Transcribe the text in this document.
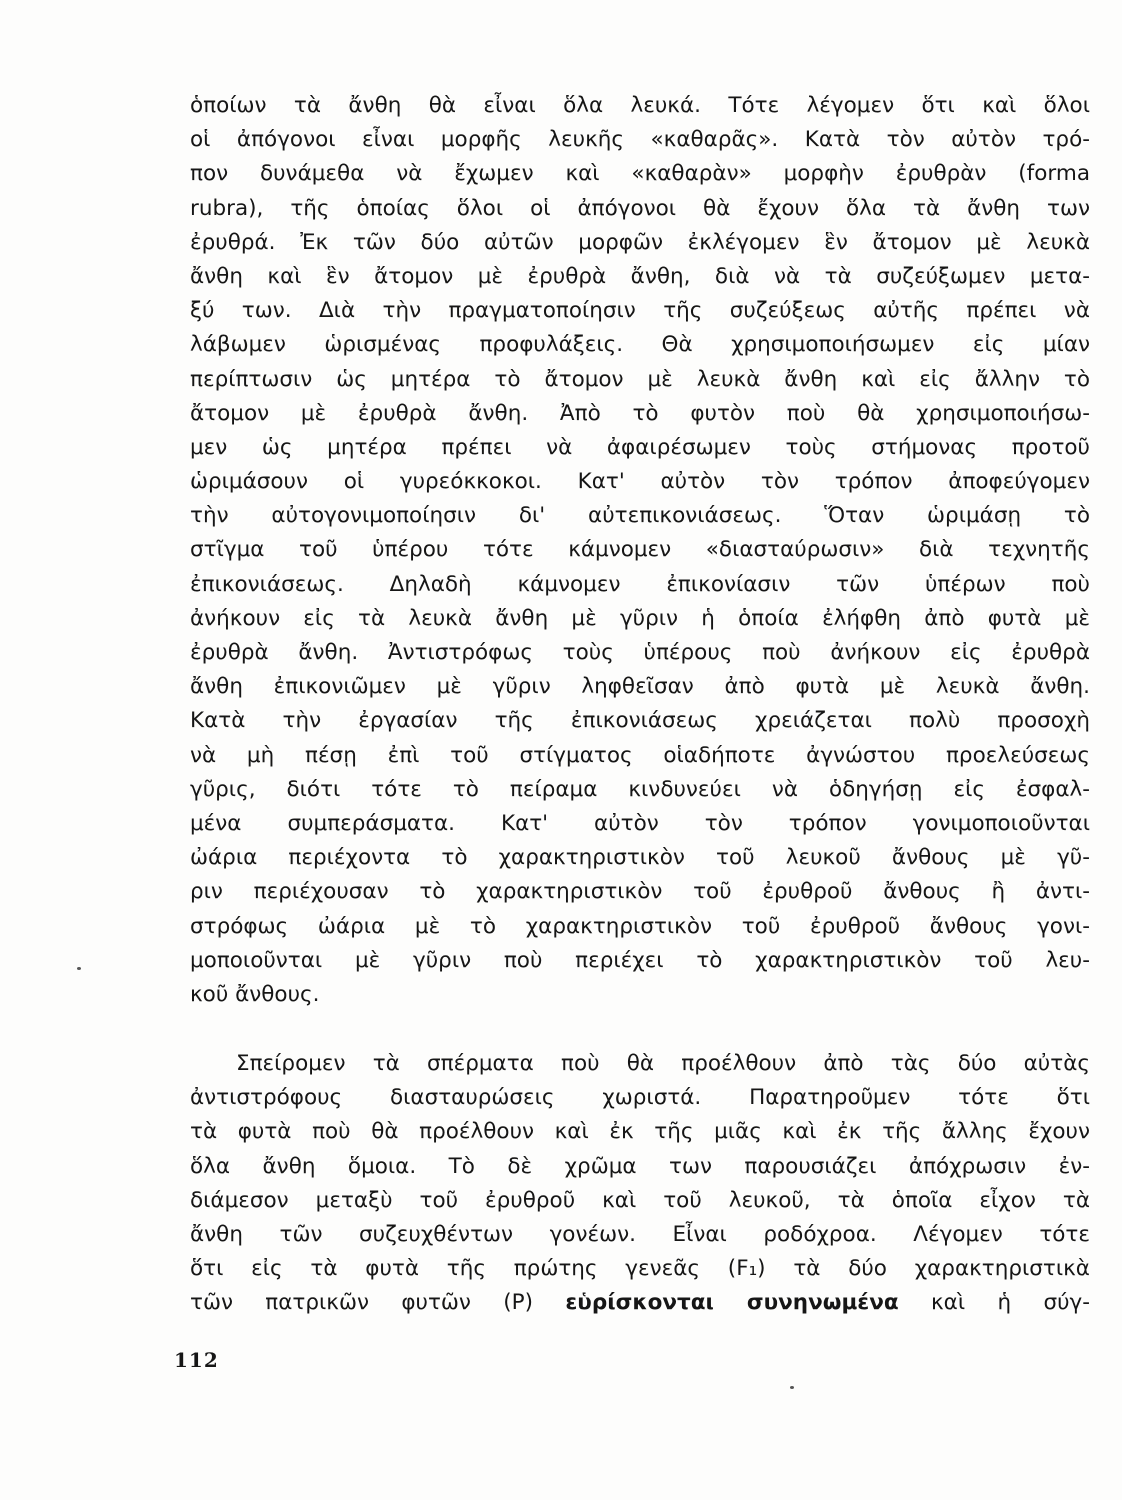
ὁποίων τὰ ἄνθη θὰ εἶναι ὅλα λευκά. Τότε λέγομεν ὅτι καὶ ὅλοι
οἱ ἀπόγονοι εἶναι μορφῆς λευκῆς «καθαρᾶς». Κατὰ τὸν αὐτὸν τρό-
πον δυνάμεθα νὰ ἔχωμεν καὶ «καθαρὰν» μορφὴν ἐρυθρὰν (forma
rubra), τῆς ὁποίας ὅλοι οἱ ἀπόγονοι θὰ ἔχουν ὅλα τὰ ἄνθη των
ἐρυθρά. Ἐκ τῶν δύο αὐτῶν μορφῶν ἐκλέγομεν ἓν ἄτομον μὲ λευκὰ
ἄνθη καὶ ἓν ἄτομον μὲ ἐρυθρὰ ἄνθη, διὰ νὰ τὰ συζεύξωμεν μετα-
ξύ των. Διὰ τὴν πραγματοποίησιν τῆς συζεύξεως αὐτῆς πρέπει νὰ
λάβωμεν ὡρισμένας προφυλάξεις. Θὰ χρησιμοποιήσωμεν εἰς μίαν
περίπτωσιν ὡς μητέρα τὸ ἄτομον μὲ λευκὰ ἄνθη καὶ εἰς ἄλλην τὸ
ἄτομον μὲ ἐρυθρὰ ἄνθη. Ἀπὸ τὸ φυτὸν ποὺ θὰ χρησιμοποιήσω-
μεν ὡς μητέρα πρέπει νὰ ἀφαιρέσωμεν τοὺς στήμονας προτοῦ
ὡριμάσουν οἱ γυρεόκκοκοι. Κατ' αὐτὸν τὸν τρόπον ἀποφεύγομεν
τὴν αὐτογονιμοποίησιν δι' αὐτεπικονιάσεως. Ὅταν ὡριμάσῃ τὸ
στῖγμα τοῦ ὑπέρου τότε κάμνομεν «διασταύρωσιν» διὰ τεχνητῆς
ἐπικονιάσεως. Δηλαδὴ κάμνομεν ἐπικονίασιν τῶν ὑπέρων ποὺ
ἀνήκουν εἰς τὰ λευκὰ ἄνθη μὲ γῦριν ἡ ὁποία ἐλήφθη ἀπὸ φυτὰ μὲ
ἐρυθρὰ ἄνθη. Ἀντιστρόφως τοὺς ὑπέρους ποὺ ἀνήκουν εἰς ἐρυθρὰ
ἄνθη ἐπικονιῶμεν μὲ γῦριν ληφθεῖσαν ἀπὸ φυτὰ μὲ λευκὰ ἄνθη.
Κατὰ τὴν ἐργασίαν τῆς ἐπικονιάσεως χρειάζεται πολὺ προσοχὴ
νὰ μὴ πέσῃ ἐπὶ τοῦ στίγματος οἱαδήποτε ἀγνώστου προελεύσεως
γῦρις, διότι τότε τὸ πείραμα κινδυνεύει νὰ ὁδηγήσῃ εἰς ἐσφαλ-
μένα συμπεράσματα. Κατ' αὐτὸν τὸν τρόπον γονιμοποιοῦνται
ὠάρια περιέχοντα τὸ χαρακτηριστικὸν τοῦ λευκοῦ ἄνθους μὲ γῦ-
ριν περιέχουσαν τὸ χαρακτηριστικὸν τοῦ ἐρυθροῦ ἄνθους ἢ ἀντι-
στρόφως ὠάρια μὲ τὸ χαρακτηριστικὸν τοῦ ἐρυθροῦ ἄνθους γονι-
μοποιοῦνται μὲ γῦριν ποὺ περιέχει τὸ χαρακτηριστικὸν τοῦ λευ-
κοῦ ἄνθους.
Σπείρομεν τὰ σπέρματα ποὺ θὰ προέλθουν ἀπὸ τὰς δύο αὐτὰς
ἀντιστρόφους διασταυρώσεις χωριστά. Παρατηροῦμεν τότε ὅτι
τὰ φυτὰ ποὺ θὰ προέλθουν καὶ ἐκ τῆς μιᾶς καὶ ἐκ τῆς ἄλλης ἔχουν
ὅλα ἄνθη ὅμοια. Τὸ δὲ χρῶμα των παρουσιάζει ἀπόχρωσιν ἐν-
διάμεσον μεταξὺ τοῦ ἐρυθροῦ καὶ τοῦ λευκοῦ, τὰ ὁποῖα εἶχον τὰ
ἄνθη τῶν συζευχθέντων γονέων. Εἶναι ροδόχροα. Λέγομεν τότε
ὅτι εἰς τὰ φυτὰ τῆς πρώτης γενεᾶς (F₁) τὰ δύο χαρακτηριστικὰ
τῶν πατρικῶν φυτῶν (P) εὑρίσκονται συνηνωμένα καὶ ἡ σύγ-
112
